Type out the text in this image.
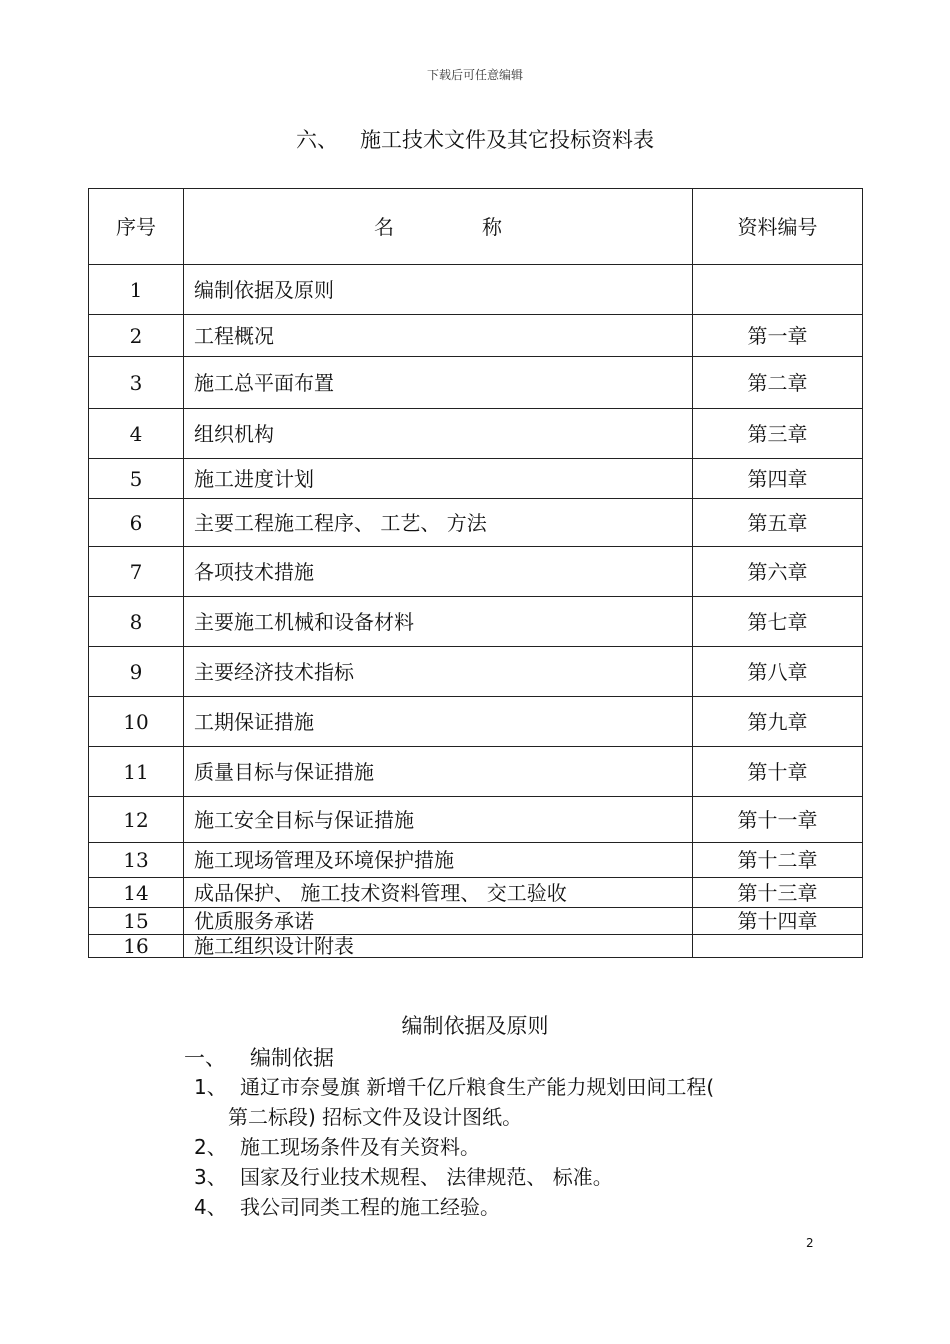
下载后可任意编辑
六、 施工技术文件及其它投标资料表
序号	名 称	资料编号
1	编制依据及原则	
2	工程概况	第一章
3	施工总平面布置	第二章
4	组织机构	第三章
5	施工进度计划	第四章
6	主要工程施工程序、 工艺、 方法	第五章
7	各项技术措施	第六章
8	主要施工机械和设备材料	第七章
9	主要经济技术指标	第八章
10	工期保证措施	第九章
11	质量目标与保证措施	第十章
12	施工安全目标与保证措施	第十一章
13	施工现场管理及环境保护措施	第十二章
14	成品保护、 施工技术资料管理、 交工验收	第十三章
15	优质服务承诺	第十四章
16	施工组织设计附表	
编制依据及原则
一、 编制依据
1、 通辽市奈曼旗 新增千亿斤粮食生产能力规划田间工程(
第二标段) 招标文件及设计图纸。
2、 施工现场条件及有关资料。
3、 国家及行业技术规程、 法律规范、 标准。
4、 我公司同类工程的施工经验。
2
